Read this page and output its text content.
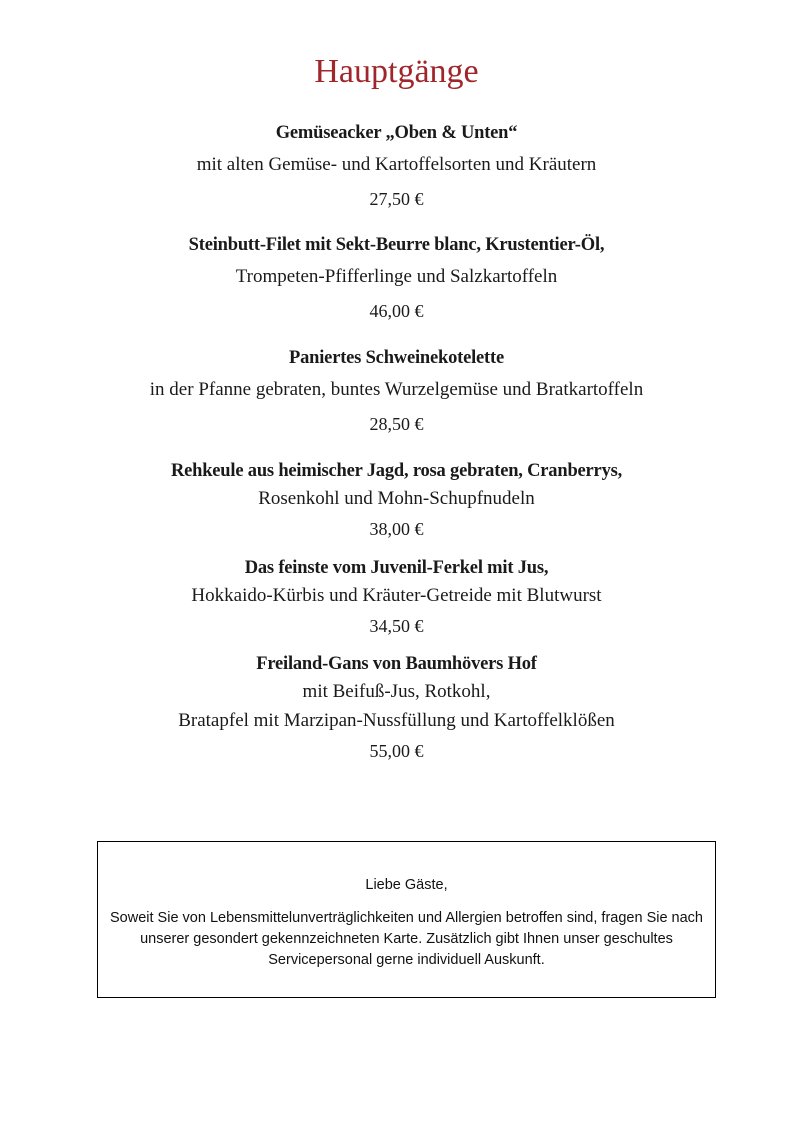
Hauptgänge
Gemüseacker „Oben & Unten“
mit alten Gemüse- und Kartoffelsorten und Kräutern
27,50 €
Steinbutt-Filet mit Sekt-Beurre blanc, Krustentier-Öl,
Trompeten-Pfifferlinge und Salzkartoffeln
46,00 €
Paniertes Schweinekotelette
in der Pfanne gebraten, buntes Wurzelgemüse und Bratkartoffeln
28,50 €
Rehkeule aus heimischer Jagd, rosa gebraten, Cranberrys,
Rosenkohl und Mohn-Schupfnudeln
38,00 €
Das feinste vom Juvenil-Ferkel mit Jus,
Hokkaido-Kürbis und Kräuter-Getreide mit Blutwurst
34,50 €
Freiland-Gans von Baumhövers Hof
mit Beifuß-Jus, Rotkohl,
Bratapfel mit Marzipan-Nussfüllung und Kartoffelklößen
55,00 €
Liebe Gäste,
Soweit Sie von Lebensmittelunverträglichkeiten und Allergien betroffen sind, fragen Sie nach unserer gesondert gekennzeichneten Karte. Zusätzlich gibt Ihnen unser geschultes Servicepersonal gerne individuell Auskunft.
